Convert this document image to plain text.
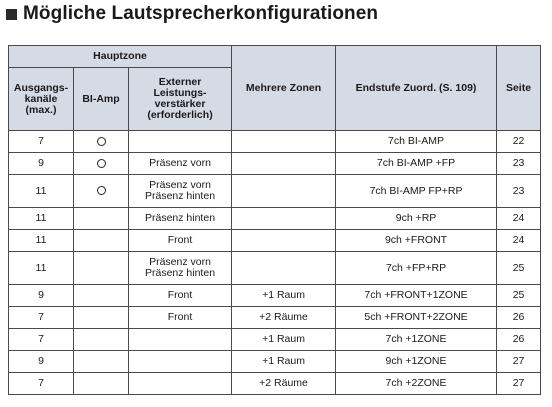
Mögliche Lautsprecherkonfigurationen
Hauptzone			Mehrere Zonen	Endstufe Zuord. (S. 109)	Seite

Ausgangs-
kanäle
(max.)	BI-Amp	Externer
Leistungs-
verstärker
(erforderlich)			

7				7ch BI-AMP	22
9		Präsenz vorn		7ch BI-AMP +FP	23
11		Präsenz vorn
Präsenz hinten		7ch BI-AMP FP+RP	23
11		Präsenz hinten		9ch +RP	24
11		Front		9ch +FRONT	24
11		Präsenz vorn
Präsenz hinten		7ch +FP+RP	25
9		Front	+1 Raum	7ch +FRONT+1ZONE	25
7		Front	+2 Räume	5ch +FRONT+2ZONE	26
7			+1 Raum	7ch +1ZONE	26
9			+1 Raum	9ch +1ZONE	27
7			+2 Räume	7ch +2ZONE	27
